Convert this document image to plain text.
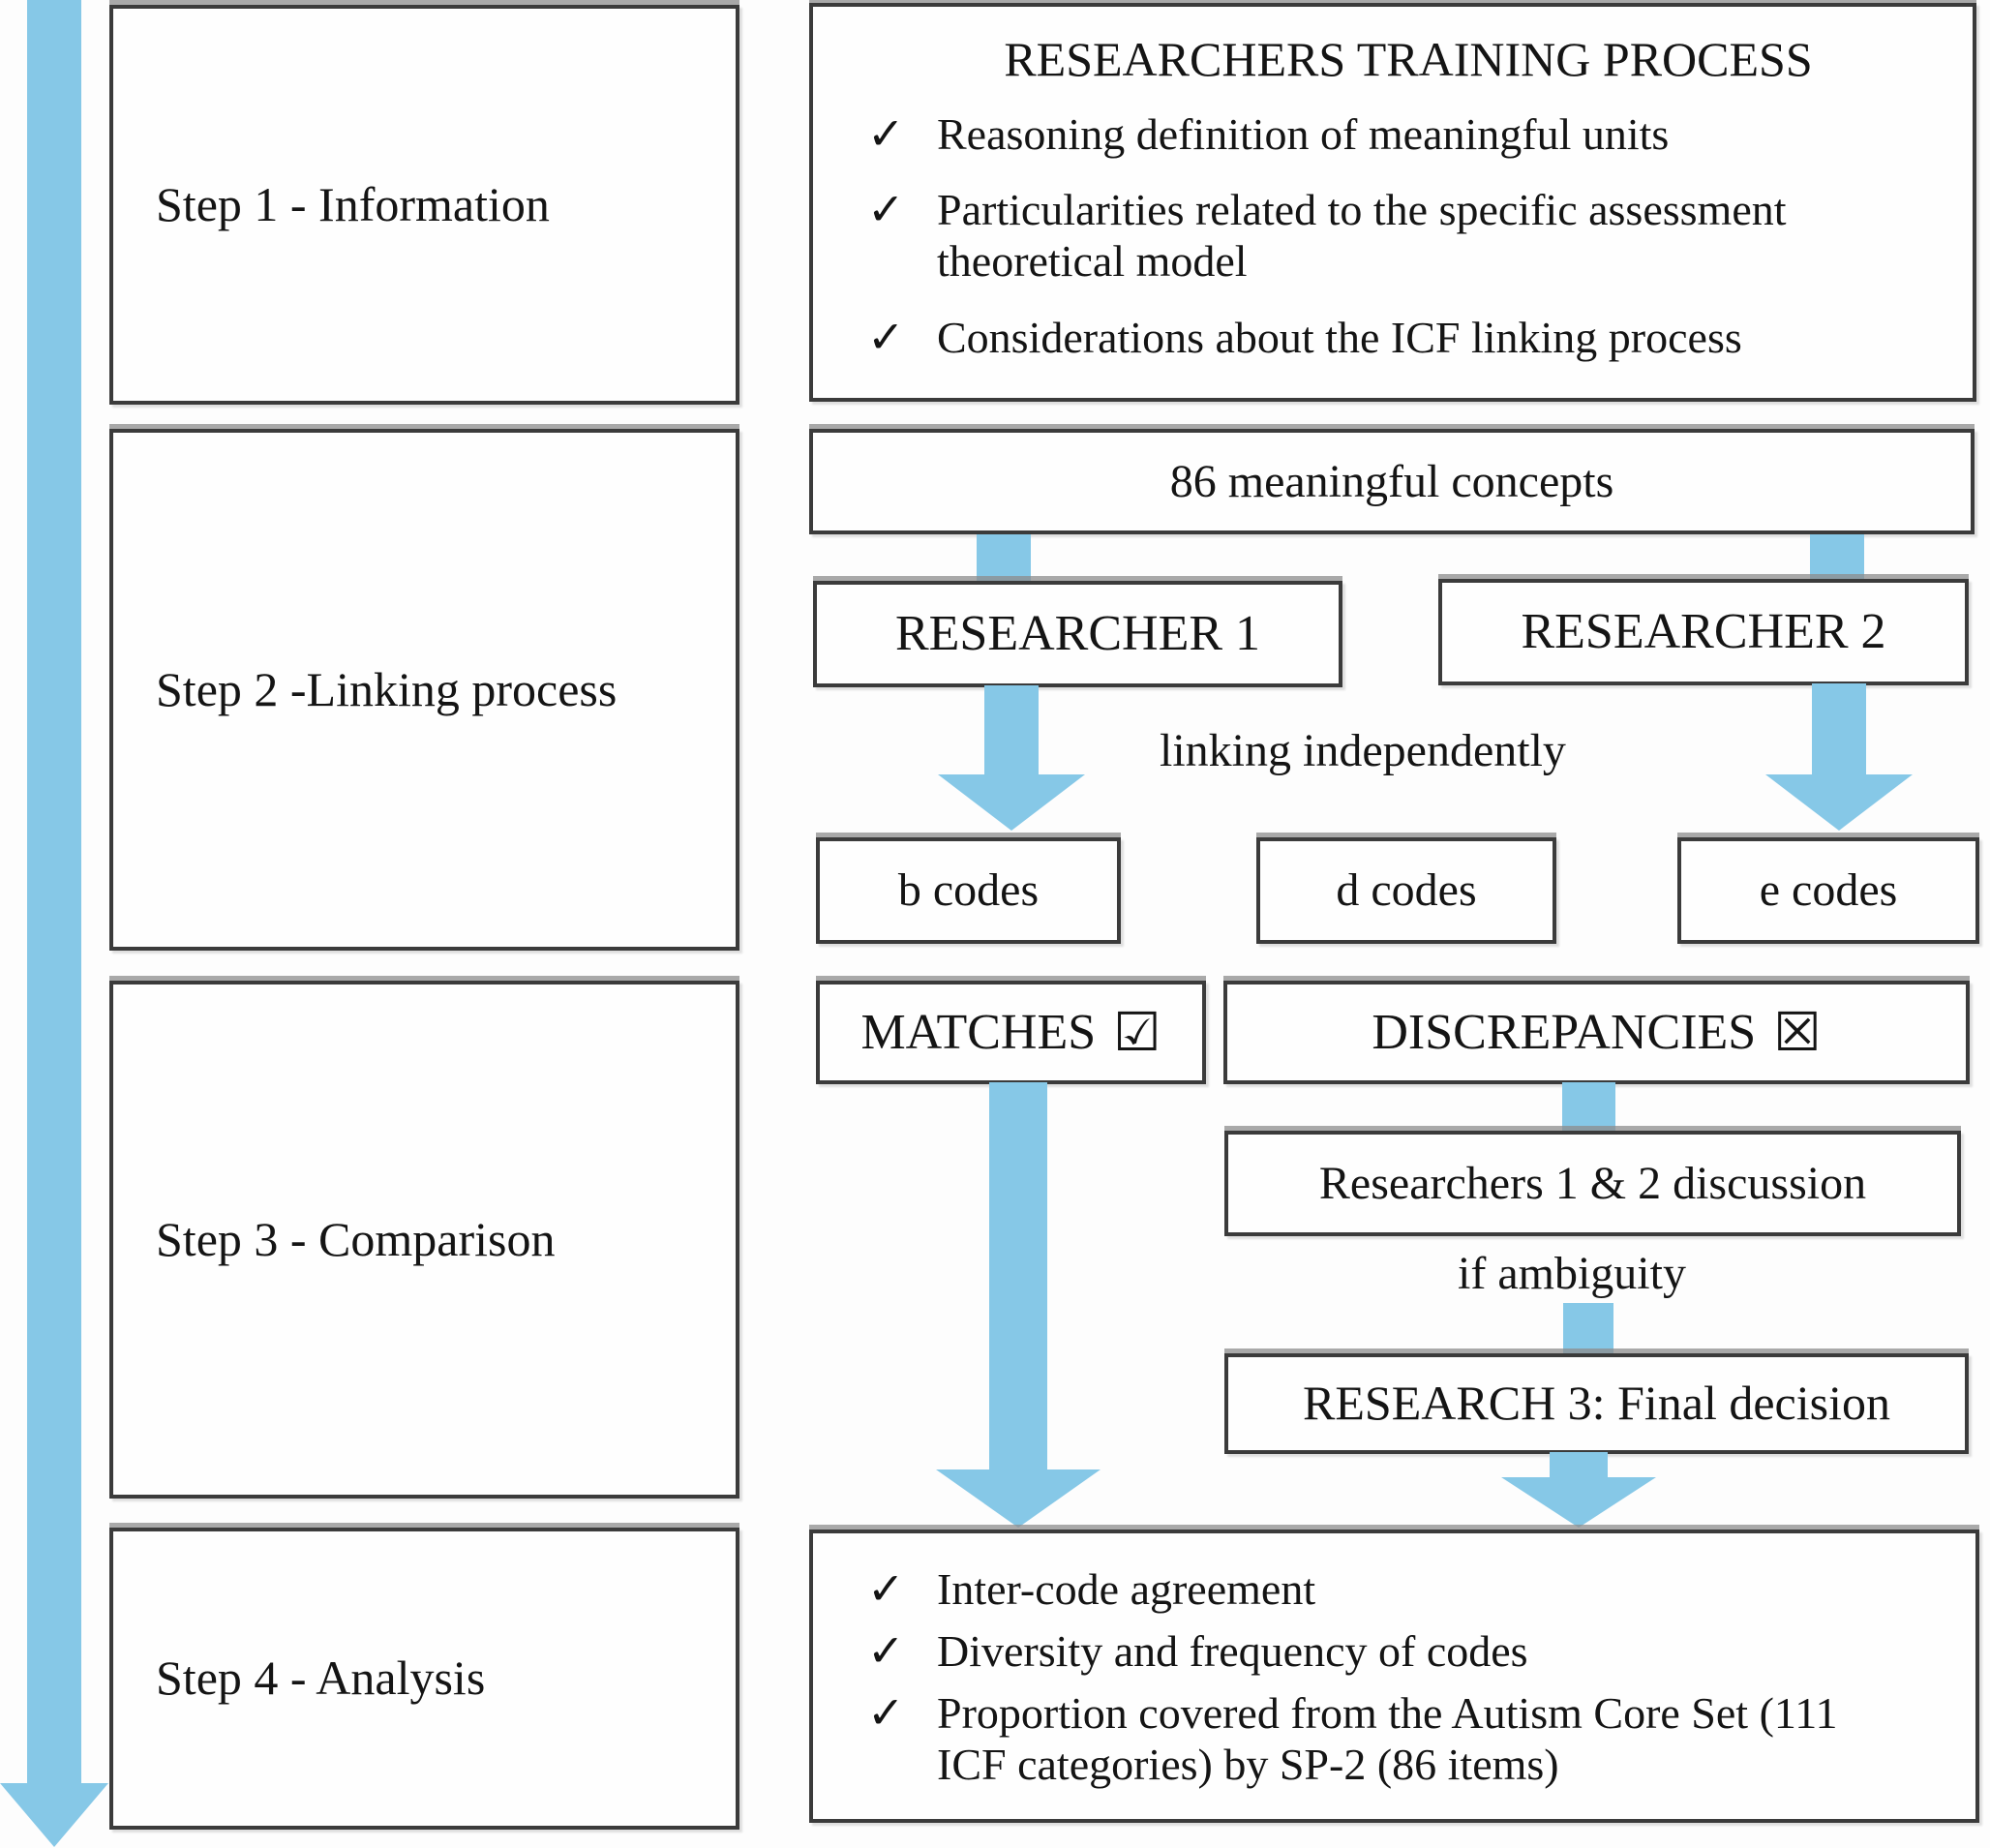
Step 1 - Information
Step 2 -Linking process
Step 3 - Comparison
Step 4 - Analysis
RESEARCHERS TRAINING PROCESS
✓ Reasoning definition of meaningful units
✓ Particularities related to the specific assessment theoretical model
✓ Considerations about the ICF linking process
86 meaningful concepts
RESEARCHER 1	RESEARCHER 2
linking independently
b codes	d codes	e codes
MATCHES ☑	DISCREPANCIES ☒
Researchers 1 & 2 discussion
if ambiguity
RESEARCH 3: Final decision
✓ Inter-code agreement
✓ Diversity and frequency of codes
✓ Proportion covered from the Autism Core Set (111 ICF categories) by SP-2 (86 items)
